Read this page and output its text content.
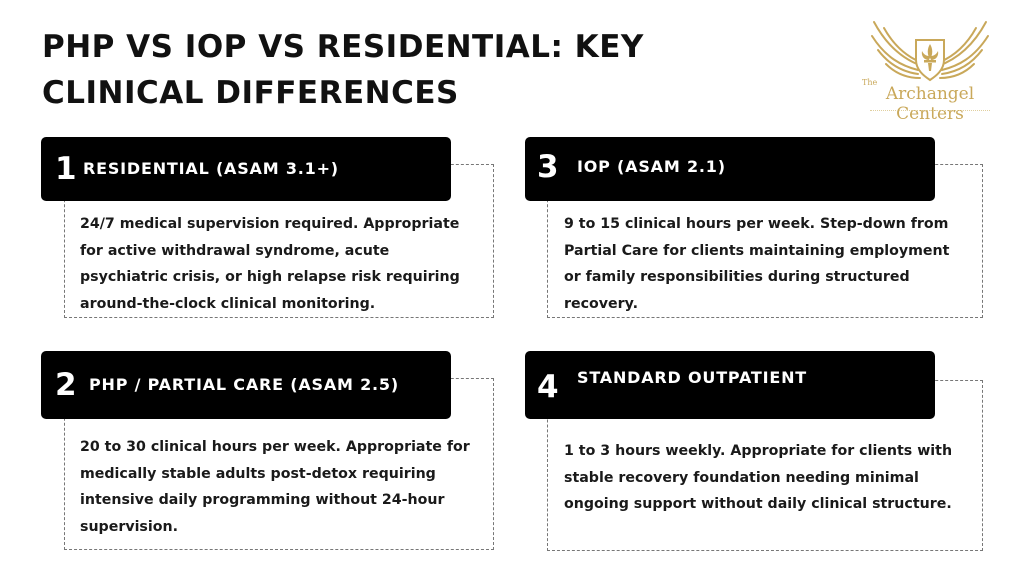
PHP VS IOP VS RESIDENTIAL: KEY CLINICAL DIFFERENCES	The
Archangel Centers
1 RESIDENTIAL (ASAM 3.1+)
24/7 medical supervision required. Appropriate for active withdrawal syndrome, acute psychiatric crisis, or high relapse risk requiring around-the-clock clinical monitoring.
2 PHP / PARTIAL CARE (ASAM 2.5)
20 to 30 clinical hours per week. Appropriate for medically stable adults post-detox requiring intensive daily programming without 24-hour supervision.
3 IOP (ASAM 2.1)
9 to 15 clinical hours per week. Step-down from Partial Care for clients maintaining employment or family responsibilities during structured recovery.
4 STANDARD OUTPATIENT
1 to 3 hours weekly. Appropriate for clients with stable recovery foundation needing minimal ongoing support without daily clinical structure.
